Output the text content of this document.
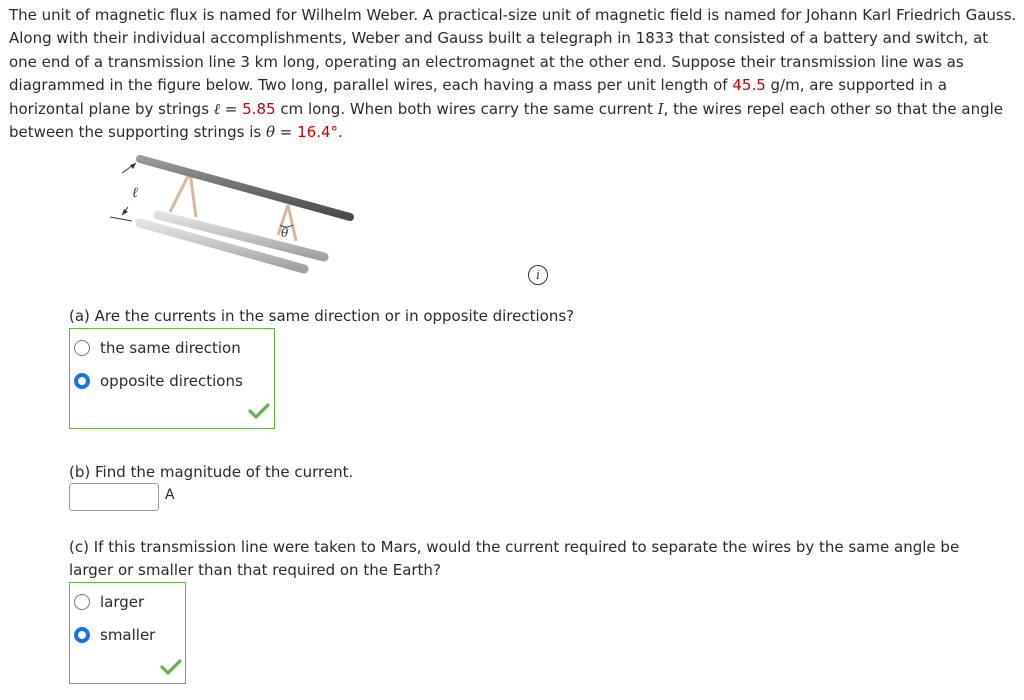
The unit of magnetic flux is named for Wilhelm Weber. A practical-size unit of magnetic field is named for Johann Karl Friedrich Gauss. Along with their individual accomplishments, Weber and Gauss built a telegraph in 1833 that consisted of a battery and switch, at one end of a transmission line 3 km long, operating an electromagnet at the other end. Suppose their transmission line was as diagrammed in the figure below. Two long, parallel wires, each having a mass per unit length of 45.5 g/m, are supported in a horizontal plane by strings ℓ = 5.85 cm long. When both wires carry the same current I, the wires repel each other so that the angle between the supporting strings is θ = 16.4°.

ℓ
θ
i

(a) Are the currents in the same direction or in opposite directions?

the same direction
opposite directions

(b) Find the magnitude of the current.

A

(c) If this transmission line were taken to Mars, would the current required to separate the wires by the same angle be larger or smaller than that required on the Earth?

larger
smaller
